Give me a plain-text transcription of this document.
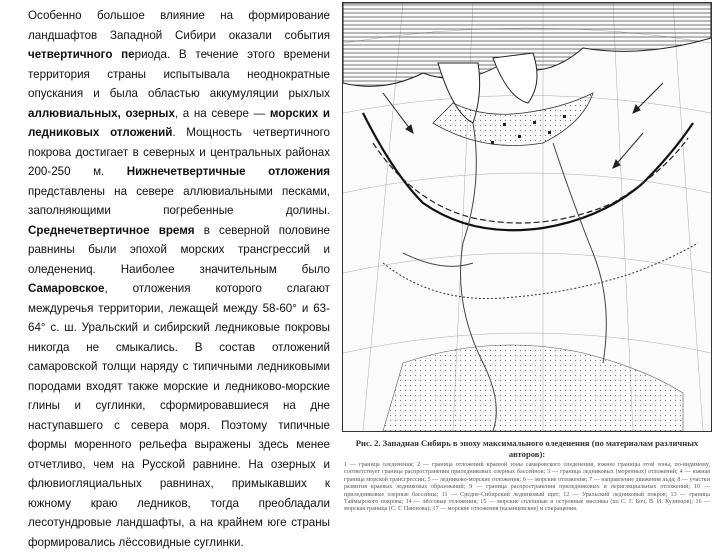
Особенно большое влияние на формирование ландшафтов Западной Сибири оказали события четвертичного периода. В течение этого времени территория страны испытывала неоднократные опускания и была областью аккумуляции рыхлых аллювиальных, озерных, а на севере — морских и ледниковых отложений. Мощность четвертичного покрова достигает в северных и центральных районах 200-250 м. Нижнечетвертичные отложения представлены на севере аллювиальными песками, заполняющими погребенные долины. Среднечетвертичное время в северной половине равнины были эпохой морских трансгрессий и оледенениq. Наиболее значительным было Самаровское, отложения которого слагают междуречья территории, лежащей между 58-60° и 63-64° с. ш. Уральский и сибирский ледниковые покровы никогда не смыкались. В состав отложений самаровской толщи наряду с типичными ледниковыми породами входят также морские и ледниково-морские глины и суглинки, сформировавшиеся на дне наступавшего с севера моря. Поэтому типичные формы моренного рельефа выражены здесь менее отчетливо, чем на Русской равнине. На озерных и флювиогляциальных равнинах, примыкавших к южному краю ледников, тогда преобладали лесотундровые ландшафты, а на крайнем юге страны формировались лёссовидные суглинки.

Рис. 2. Западная Сибирь в эпоху максимального оледенения (по материалам различных авторов):
1 — граница оледенения; 2 — граница отложений краевой зоны самаровского оледенения, южнее границы этой зоны, по-видимому, соответствует граница распространения приледниковых озерных бассейнов; 3 — граница ледниковых (моренных) отложений; 4 — южная граница морской трансгрессии; 5 — ледниково-морские отложения; 6 — морские отложения; 7 — направление движения льда; 8 — участки развития краевых ледниковых образований; 9 — граница распространения приледниковых и перигляциальных отложений; 10 — приледниковые озерные бассейны; 11 — Средне-Сибирский ледниковый щит; 12 — Уральский ледниковый покров; 13 — граница Таймырского покрова; 14 — лёссовые отложения; 15 — морские сплошные и островные массивы (по С. Г. Боч, В. И. Кузнецов); 16 — морская граница (С. Г. Паюнова); 17 — морские отложения (казанцевские) и сокращения.
